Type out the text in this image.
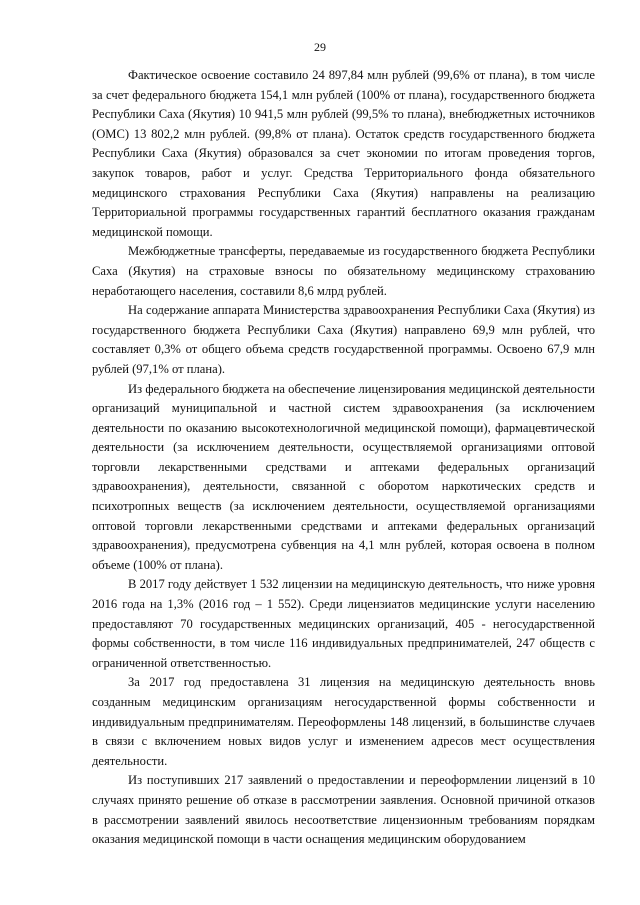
29

Фактическое освоение составило 24 897,84 млн рублей (99,6% от плана), в том числе за счет федерального бюджета 154,1 млн рублей (100% от плана), государственного бюджета Республики Саха (Якутия) 10 941,5 млн рублей (99,5% то плана), внебюджетных источников (ОМС) 13 802,2 млн рублей. (99,8% от плана). Остаток средств государственного бюджета Республики Саха (Якутия) образовался за счет экономии по итогам проведения торгов, закупок товаров, работ и услуг. Средства Территориального фонда обязательного медицинского страхования Республики Саха (Якутия) направлены на реализацию Территориальной программы государственных гарантий бесплатного оказания гражданам медицинской помощи.

Межбюджетные трансферты, передаваемые из государственного бюджета Республики Саха (Якутия) на страховые взносы по обязательному медицинскому страхованию неработающего населения, составили 8,6 млрд рублей.

На содержание аппарата Министерства здравоохранения Республики Саха (Якутия) из государственного бюджета Республики Саха (Якутия) направлено 69,9 млн рублей, что составляет 0,3% от общего объема средств государственной программы. Освоено 67,9 млн рублей (97,1% от плана).

Из федерального бюджета на обеспечение лицензирования медицинской деятельности организаций муниципальной и частной систем здравоохранения (за исключением деятельности по оказанию высокотехнологичной медицинской помощи), фармацевтической деятельности (за исключением деятельности, осуществляемой организациями оптовой торговли лекарственными средствами и аптеками федеральных организаций здравоохранения), деятельности, связанной с оборотом наркотических средств и психотропных веществ (за исключением деятельности, осуществляемой организациями оптовой торговли лекарственными средствами и аптеками федеральных организаций здравоохранения), предусмотрена субвенция на 4,1 млн рублей, которая освоена в полном объеме (100% от плана).

В 2017 году действует 1 532 лицензии на медицинскую деятельность, что ниже уровня 2016 года на 1,3% (2016 год – 1 552). Среди лицензиатов медицинские услуги населению предоставляют 70 государственных медицинских организаций, 405 - негосударственной формы собственности, в том числе 116 индивидуальных предпринимателей, 247 обществ с ограниченной ответственностью.

За 2017 год предоставлена 31 лицензия на медицинскую деятельность вновь созданным медицинским организациям негосударственной формы собственности и индивидуальным предпринимателям. Переоформлены 148 лицензий, в большинстве случаев в связи с включением новых видов услуг и изменением адресов мест осуществления деятельности.

Из поступивших 217 заявлений о предоставлении и переоформлении лицензий в 10 случаях принято решение об отказе в рассмотрении заявления. Основной причиной отказов в рассмотрении заявлений явилось несоответствие лицензионным требованиям порядкам оказания медицинской помощи в части оснащения медицинским оборудованием
